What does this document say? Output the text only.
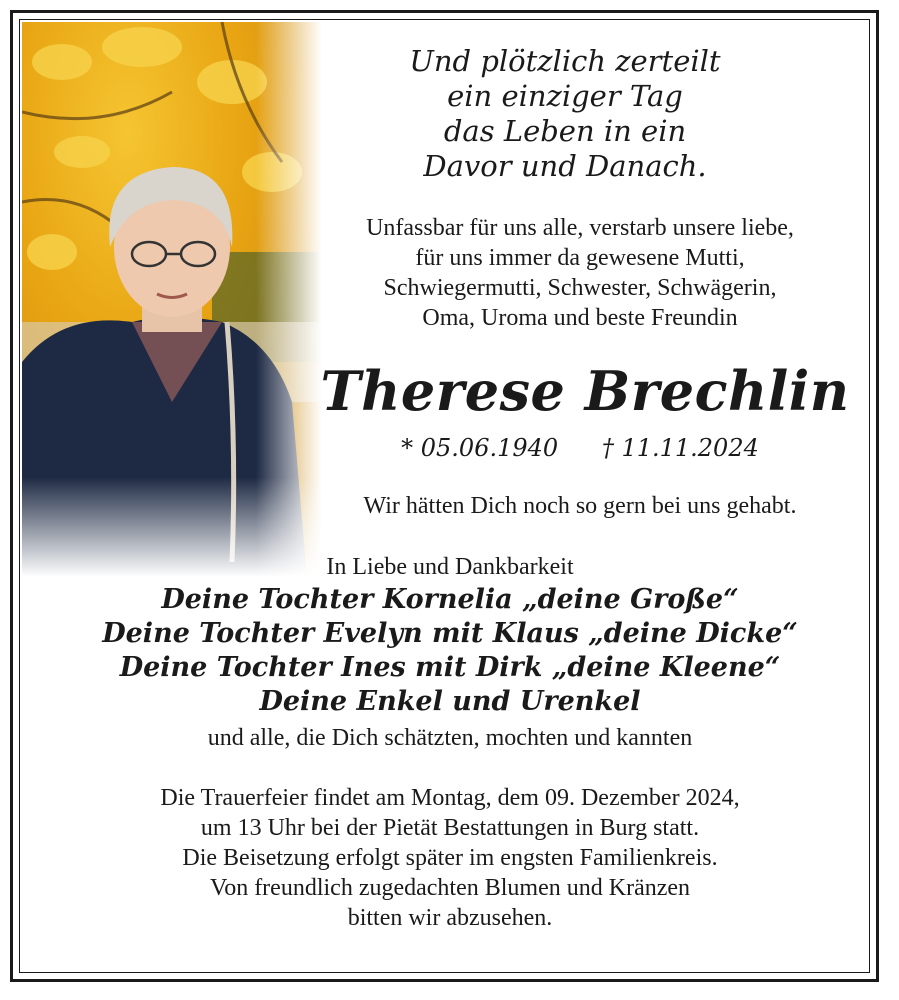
Und plötzlich zerteilt
ein einziger Tag
das Leben in ein
Davor und Danach.
Unfassbar für uns alle, verstarb unsere liebe,
für uns immer da gewesene Mutti,
Schwiegermutti, Schwester, Schwägerin,
Oma, Uroma und beste Freundin
Therese Brechlin
* 05.06.1940 † 11.11.2024
Wir hätten Dich noch so gern bei uns gehabt.
In Liebe und Dankbarkeit
Deine Tochter Kornelia „deine Große“
Deine Tochter Evelyn mit Klaus „deine Dicke“
Deine Tochter Ines mit Dirk „deine Kleene“
Deine Enkel und Urenkel
und alle, die Dich schätzten, mochten und kannten
Die Trauerfeier findet am Montag, dem 09. Dezember 2024,
um 13 Uhr bei der Pietät Bestattungen in Burg statt.
Die Beisetzung erfolgt später im engsten Familienkreis.
Von freundlich zugedachten Blumen und Kränzen
bitten wir abzusehen.
